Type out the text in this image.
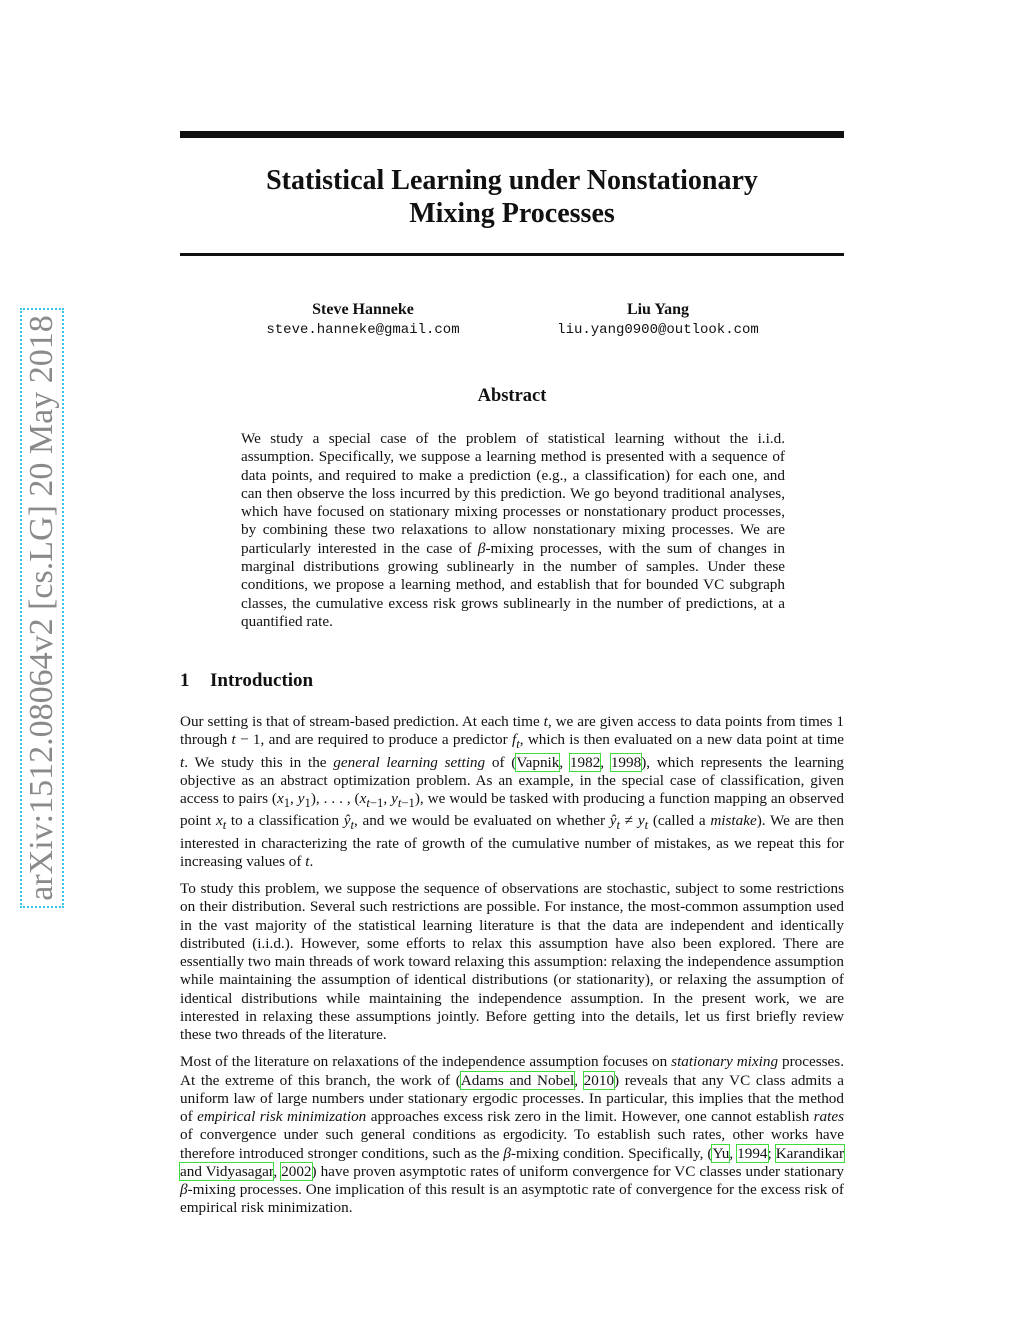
arXiv:1512.08064v2 [cs.LG] 20 May 2018
Statistical Learning under Nonstationary
Mixing Processes
Steve Hanneke
steve.hanneke@gmail.com
Liu Yang
liu.yang0900@outlook.com
Abstract
We study a special case of the problem of statistical learning without the i.i.d. assumption. Specifically, we suppose a learning method is presented with a sequence of data points, and required to make a prediction (e.g., a classification) for each one, and can then observe the loss incurred by this prediction. We go beyond traditional analyses, which have focused on stationary mixing processes or nonstationary product processes, by combining these two relaxations to allow nonstationary mixing processes. We are particularly interested in the case of β-mixing processes, with the sum of changes in marginal distributions growing sublinearly in the number of samples. Under these conditions, we propose a learning method, and establish that for bounded VC subgraph classes, the cumulative excess risk grows sublinearly in the number of predictions, at a quantified rate.
1 Introduction

Our setting is that of stream-based prediction. At each time t, we are given access to data points from times 1 through t − 1, and are required to produce a predictor $f_t$, which is then evaluated on a new data point at time t. We study this in the general learning setting of (Vapnik, 1982, 1998), which represents the learning objective as an abstract optimization problem. As an example, in the special case of classification, given access to pairs ($x_1$, $y_1$), . . . , ($x_{t-1}$, $y_{t-1}$), we would be tasked with producing a function mapping an observed point $x_t$ to a classification $ŷ_t$, and we would be evaluated on whether $ŷ_t \ne y_t$ (called a mistake). We are then interested in characterizing the rate of growth of the cumulative number of mistakes, as we repeat this for increasing values of t.

To study this problem, we suppose the sequence of observations are stochastic, subject to some restrictions on their distribution. Several such restrictions are possible. For instance, the most-common assumption used in the vast majority of the statistical learning literature is that the data are independent and identically distributed (i.i.d.). However, some efforts to relax this assumption have also been explored. There are essentially two main threads of work toward relaxing this assumption: relaxing the independence assumption while maintaining the assumption of identical distributions (or stationarity), or relaxing the assumption of identical distributions while maintaining the independence assumption. In the present work, we are interested in relaxing these assumptions jointly. Before getting into the details, let us first briefly review these two threads of the literature.

Most of the literature on relaxations of the independence assumption focuses on stationary mixing processes. At the extreme of this branch, the work of (Adams and Nobel, 2010) reveals that any VC class admits a uniform law of large numbers under stationary ergodic processes. In particular, this implies that the method of empirical risk minimization approaches excess risk zero in the limit. However, one cannot establish rates of convergence under such general conditions as ergodicity. To establish such rates, other works have therefore introduced stronger conditions, such as the β-mixing condition. Specifically, (Yu, 1994; Karandikar and Vidyasagar, 2002) have proven asymptotic rates of uniform convergence for VC classes under stationary β-mixing processes. One implication of this result is an asymptotic rate of convergence for the excess risk of empirical risk minimization.
